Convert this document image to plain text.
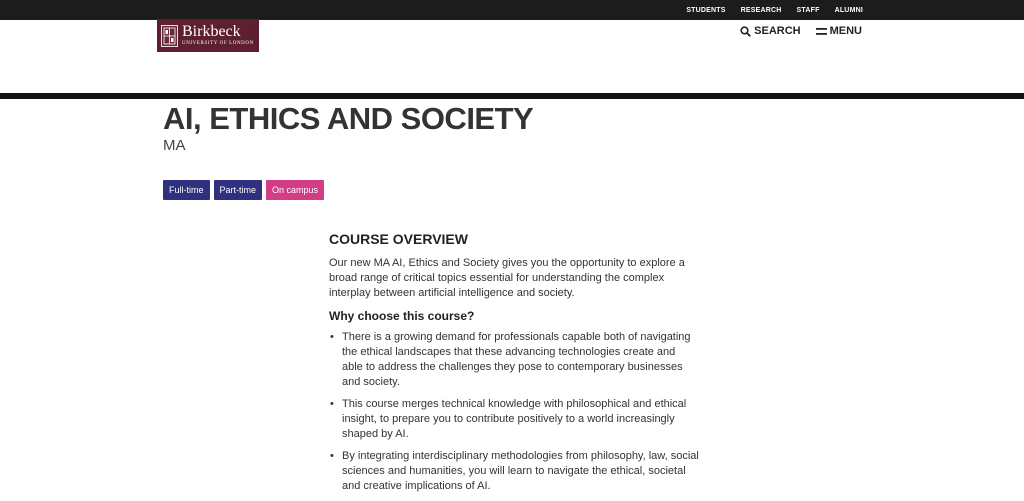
STUDENTS RESEARCH STAFF ALUMNI
Birkbeck
UNIVERSITY OF LONDON
SEARCH	MENU
AI, ETHICS AND SOCIETY
MA
Full-time	Part-time	On campus
COURSE OVERVIEW

Our new MA AI, Ethics and Society gives you the opportunity to explore a broad range of critical topics essential for understanding the complex interplay between artificial intelligence and society.

Why choose this course?
• There is a growing demand for professionals capable both of navigating the ethical landscapes that these advancing technologies create and able to address the challenges they pose to contemporary businesses and society.
• This course merges technical knowledge with philosophical and ethical insight, to prepare you to contribute positively to a world increasingly shaped by AI.
• By integrating interdisciplinary methodologies from philosophy, law, social sciences and humanities, you will learn to navigate the ethical, societal and creative implications of AI.
